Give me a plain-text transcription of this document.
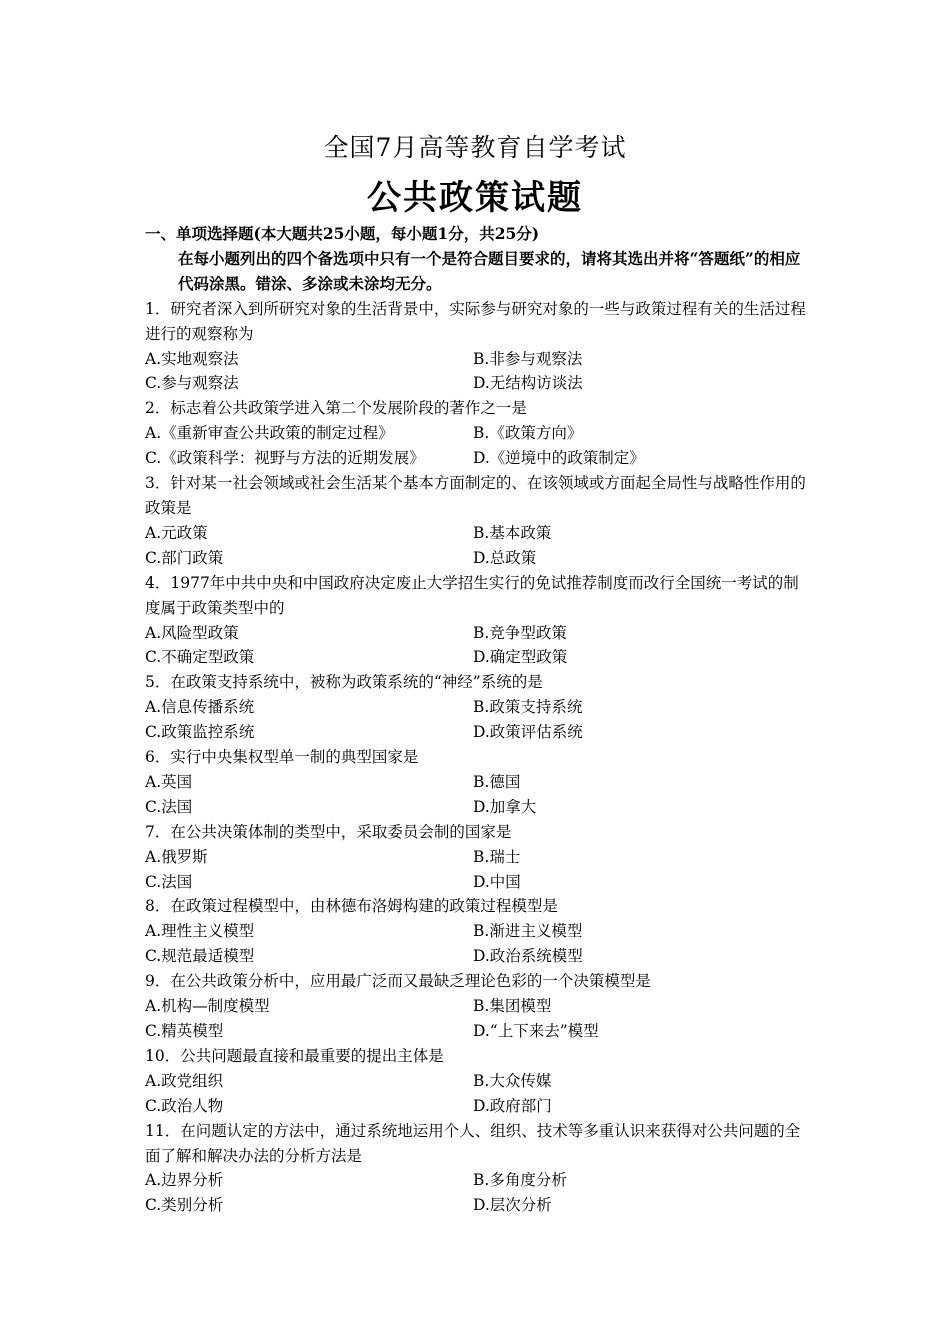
全国7月高等教育自学考试
公共政策试题
一、单项选择题(本大题共25小题，每小题1分，共25分)
在每小题列出的四个备选项中只有一个是符合题目要求的，请将其选出并将“答题纸”的相应代码涂黑。错涂、多涂或未涂均无分。
1．研究者深入到所研究对象的生活背景中，实际参与研究对象的一些与政策过程有关的生活过程进行的观察称为
A.实地观察法	B.非参与观察法
C.参与观察法	D.无结构访谈法
2．标志着公共政策学进入第二个发展阶段的著作之一是
A.《重新审查公共政策的制定过程》	B.《政策方向》
C.《政策科学：视野与方法的近期发展》	D.《逆境中的政策制定》
3．针对某一社会领域或社会生活某个基本方面制定的、在该领域或方面起全局性与战略性作用的政策是
A.元政策	B.基本政策
C.部门政策	D.总政策
4．1977年中共中央和中国政府决定废止大学招生实行的免试推荐制度而改行全国统一考试的制度属于政策类型中的
A.风险型政策	B.竞争型政策
C.不确定型政策	D.确定型政策
5．在政策支持系统中，被称为政策系统的“神经”系统的是
A.信息传播系统	B.政策支持系统
C.政策监控系统	D.政策评估系统
6．实行中央集权型单一制的典型国家是
A.英国	B.德国
C.法国	D.加拿大
7．在公共决策体制的类型中，采取委员会制的国家是
A.俄罗斯	B.瑞士
C.法国	D.中国
8．在政策过程模型中，由林德布洛姆构建的政策过程模型是
A.理性主义模型	B.渐进主义模型
C.规范最适模型	D.政治系统模型
9．在公共政策分析中，应用最广泛而又最缺乏理论色彩的一个决策模型是
A.机构—制度模型	B.集团模型
C.精英模型	D.“上下来去”模型
10．公共问题最直接和最重要的提出主体是
A.政党组织	B.大众传媒
C.政治人物	D.政府部门
11．在问题认定的方法中，通过系统地运用个人、组织、技术等多重认识来获得对公共问题的全面了解和解决办法的分析方法是
A.边界分析	B.多角度分析
C.类别分析	D.层次分析
